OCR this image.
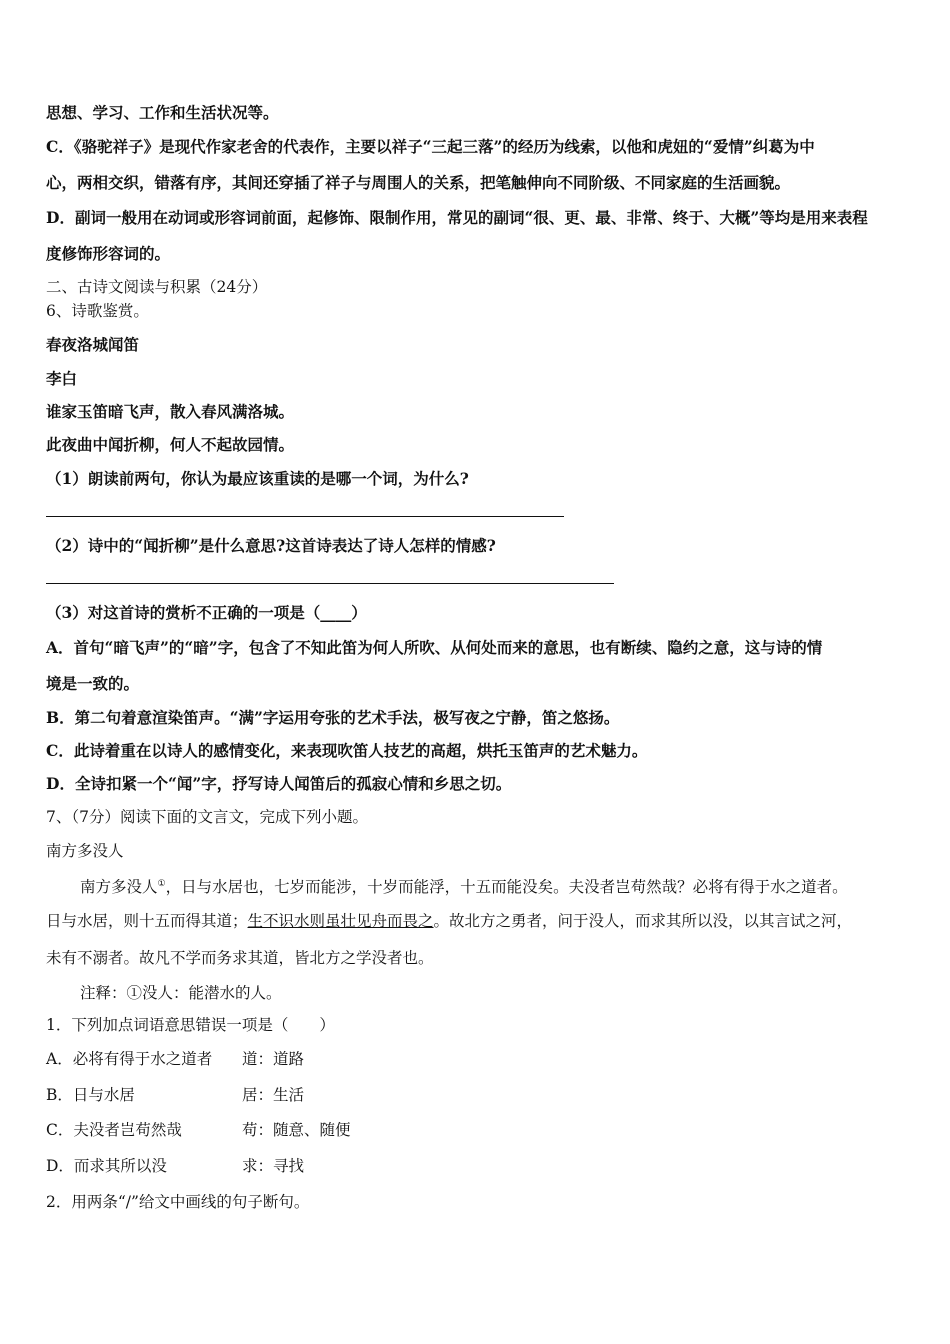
思想、学习、工作和生活状况等。
C．《骆驼祥子》是现代作家老舍的代表作，主要以祥子“三起三落”的经历为线索，以他和虎妞的“爱情”纠葛为中
心，两相交织，错落有序，其间还穿插了祥子与周围人的关系，把笔触伸向不同阶级、不同家庭的生活画貌。
D．副词一般用在动词或形容词前面，起修饰、限制作用，常见的副词“很、更、最、非常、终于、大概”等均是用来表程
度修饰形容词的。
二、古诗文阅读与积累（24分）
6、诗歌鉴赏。
春夜洛城闻笛
李白
谁家玉笛暗飞声，散入春风满洛城。
此夜曲中闻折柳，何人不起故园情。
（1）朗读前两句，你认为最应该重读的是哪一个词，为什么?
（2）诗中的“闻折柳”是什么意思?这首诗表达了诗人怎样的情感?
（3）对这首诗的赏析不正确的一项是（____）
A．首句“暗飞声”的“暗”字，包含了不知此笛为何人所吹、从何处而来的意思，也有断续、隐约之意，这与诗的情
境是一致的。
B．第二句着意渲染笛声。“满”字运用夸张的艺术手法，极写夜之宁静，笛之悠扬。
C．此诗着重在以诗人的感情变化，来表现吹笛人技艺的高超，烘托玉笛声的艺术魅力。
D．全诗扣紧一个“闻”字，抒写诗人闻笛后的孤寂心情和乡思之切。
7、（7分）阅读下面的文言文，完成下列小题。
南方多没人
南方多没人①，日与水居也，七岁而能涉，十岁而能浮，十五而能没矣。夫没者岂苟然哉？必将有得于水之道者。
日与水居，则十五而得其道；生不识水则虽壮见舟而畏之。故北方之勇者，问于没人，而求其所以没，以其言试之河，
未有不溺者。故凡不学而务求其道，皆北方之学没者也。
注释：①没人：能潜水的人。
1．下列加点词语意思错误一项是（　　）
A．必将有得于水之道者 道：道路
B．日与水居	居：生活
C．夫没者岂苟然哉	苟：随意、随便
D．而求其所以没	求：寻找
2．用两条“/”给文中画线的句子断句。
